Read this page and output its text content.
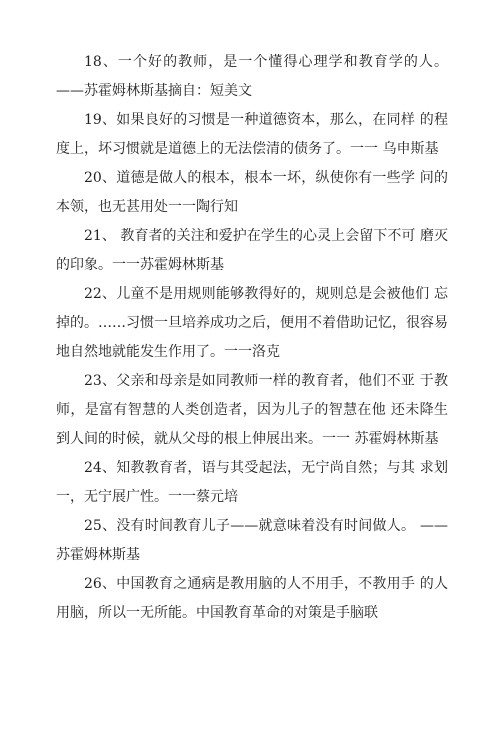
18、一个好的教师，是一个懂得心理学和教育学的人。 ——苏霍姆林斯基摘自：短美文

19、如果良好的习惯是一种道德资本，那么，在同样 的程度上，坏习惯就是道德上的无法偿清的债务了。一一 乌申斯基

20、道德是做人的根本，根本一坏，纵使你有一些学 问的本领，也无甚用处一一陶行知

21、 教育者的关注和爱护在学生的心灵上会留下不可 磨灭的印象。一一苏霍姆林斯基

22、儿童不是用规则能够教得好的，规则总是会被他们 忘掉的。……习惯一旦培养成功之后，便用不着借助记忆，很容易地自然地就能发生作用了。一一洛克

23、父亲和母亲是如同教师一样的教育者，他们不亚 于教师，是富有智慧的人类创造者，因为儿子的智慧在他 还未降生到人间的时候，就从父母的根上伸展出来。一一 苏霍姆林斯基

24、知教教育者，语与其受起法，无宁尚自然；与其 求划一，无宁展广性。一一蔡元培

25、没有时间教育儿子——就意味着没有时间做人。 ——苏霍姆林斯基

26、中国教育之通病是教用脑的人不用手，不教用手 的人用脑，所以一无所能。中国教育革命的对策是手脑联
